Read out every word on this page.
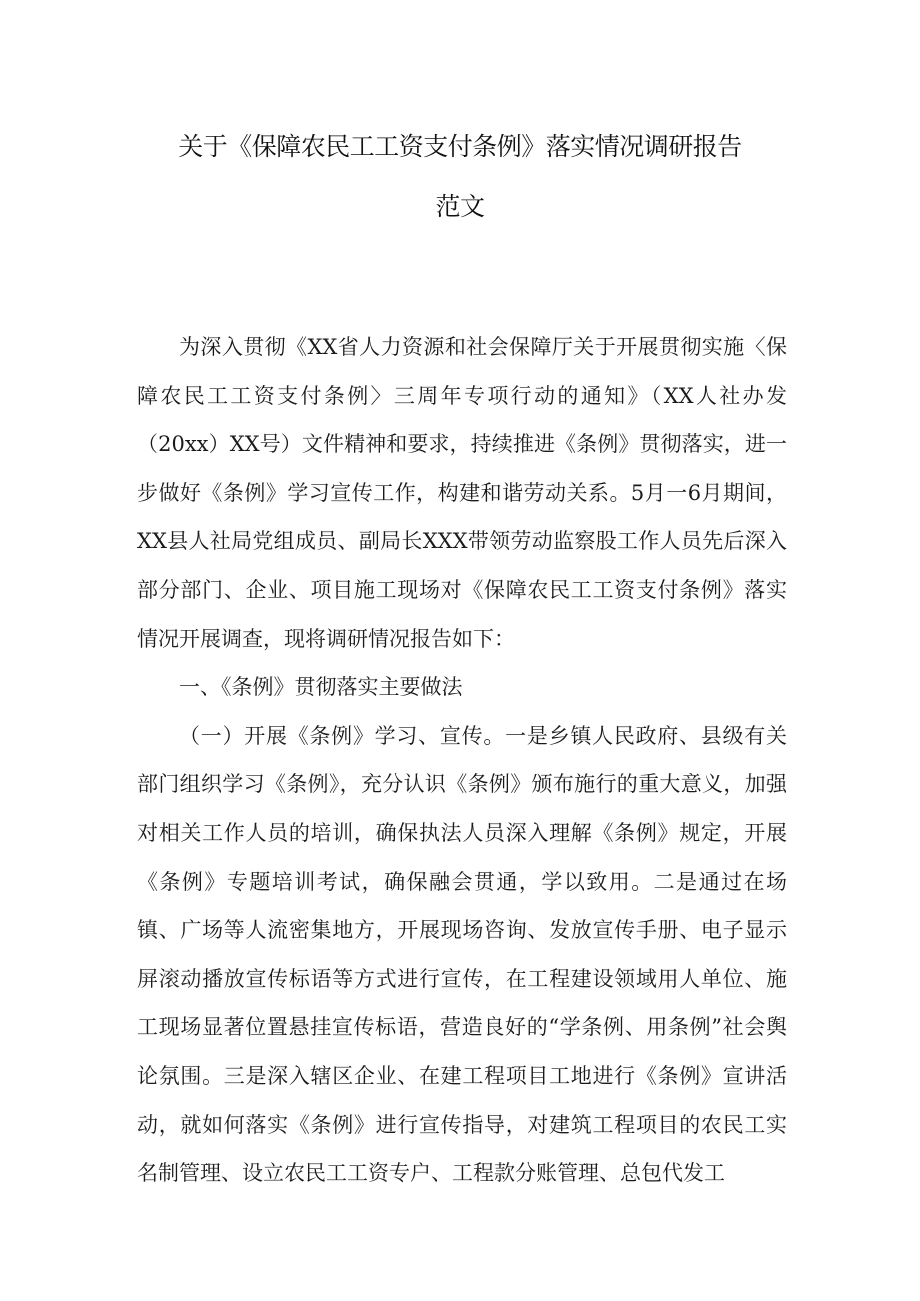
关于《保障农民工工资支付条例》落实情况调研报告
范文

为深入贯彻《XX省人力资源和社会保障厅关于开展贯彻实施〈保障农民工工资支付条例〉三周年专项行动的通知》（XX人社办发（20xx）XX号）文件精神和要求，持续推进《条例》贯彻落实，进一步做好《条例》学习宣传工作，构建和谐劳动关系。5月一6月期间，XX县人社局党组成员、副局长XXX带领劳动监察股工作人员先后深入部分部门、企业、项目施工现场对《保障农民工工资支付条例》落实情况开展调查，现将调研情况报告如下：

一、《条例》贯彻落实主要做法

（一）开展《条例》学习、宣传。一是乡镇人民政府、县级有关部门组织学习《条例》，充分认识《条例》颁布施行的重大意义，加强对相关工作人员的培训，确保执法人员深入理解《条例》规定，开展《条例》专题培训考试，确保融会贯通，学以致用。二是通过在场镇、广场等人流密集地方，开展现场咨询、发放宣传手册、电子显示屏滚动播放宣传标语等方式进行宣传，在工程建设领域用人单位、施工现场显著位置悬挂宣传标语，营造良好的“学条例、用条例”社会舆论氛围。三是深入辖区企业、在建工程项目工地进行《条例》宣讲活动，就如何落实《条例》进行宣传指导，对建筑工程项目的农民工实名制管理、设立农民工工资专户、工程款分账管理、总包代发工
